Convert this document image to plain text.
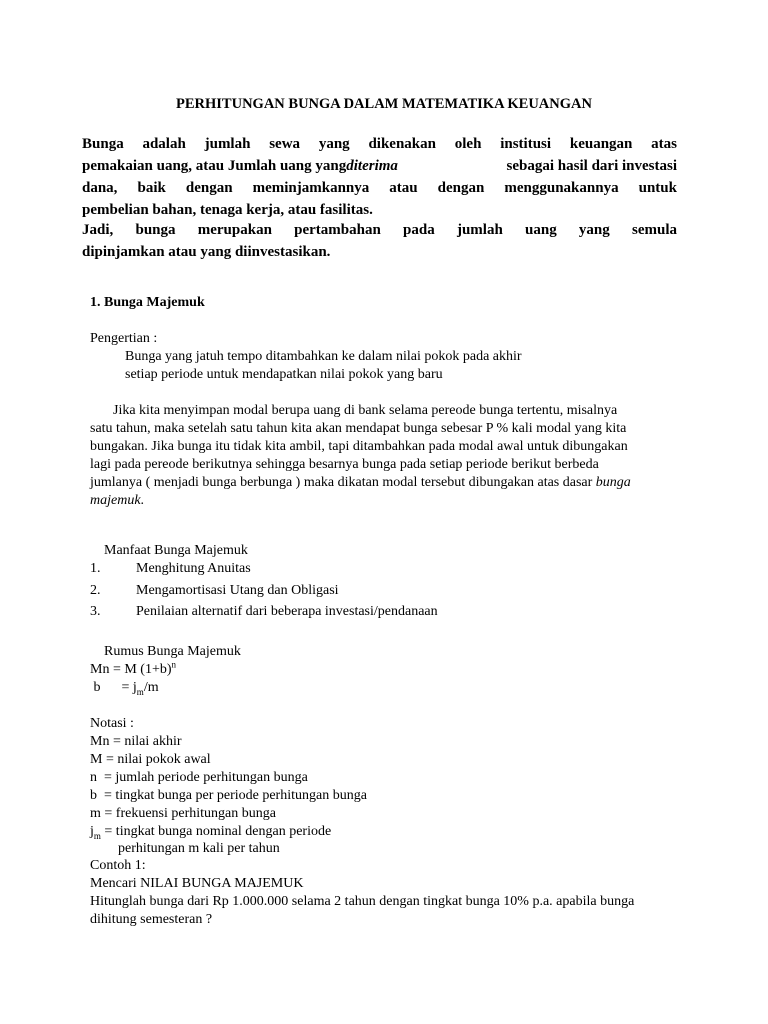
PERHITUNGAN BUNGA DALAM MATEMATIKA KEUANGAN
Bunga adalah jumlah sewa yang dikenakan oleh institusi keuangan atas
pemakaian uang, atau Jumlah uang yang diterima	sebagai hasil dari investasi
dana, baik dengan meminjamkannya atau dengan menggunakannya untuk
pembelian bahan, tenaga kerja, atau fasilitas.
Jadi, bunga merupakan pertambahan pada jumlah uang yang semula
dipinjamkan atau yang diinvestasikan.
1. Bunga Majemuk
Pengertian :
Bunga yang jatuh tempo ditambahkan ke dalam nilai pokok pada akhir
setiap periode untuk mendapatkan nilai pokok yang baru
Jika kita menyimpan modal berupa uang di bank selama pereode bunga tertentu, misalnya
satu tahun, maka setelah satu tahun kita akan mendapat bunga sebesar P % kali modal yang kita
bungakan. Jika bunga itu tidak kita ambil, tapi ditambahkan pada modal awal untuk dibungakan
lagi pada pereode berikutnya sehingga besarnya bunga pada setiap periode berikut berbeda
jumlanya ( menjadi bunga berbunga ) maka dikatan modal tersebut dibungakan atas dasar bunga
majemuk.
Manfaat Bunga Majemuk
1.	Menghitung Anuitas
2.	Mengamortisasi Utang dan Obligasi
3.	Penilaian alternatif dari beberapa investasi/pendanaan
Rumus Bunga Majemuk
Mn = M $(1+b)^n$
b      = $j_m/m$
Notasi :
Mn = nilai akhir
M = nilai pokok awal
n  = jumlah periode perhitungan bunga
b  = tingkat bunga per periode perhitungan bunga
m = frekuensi perhitungan bunga
$j_m$ = tingkat bunga nominal dengan periode
perhitungan m kali per tahun
Contoh 1:
Mencari NILAI BUNGA MAJEMUK
Hitunglah bunga dari Rp 1.000.000 selama 2 tahun dengan tingkat bunga 10% p.a. apabila bunga
dihitung semesteran ?
